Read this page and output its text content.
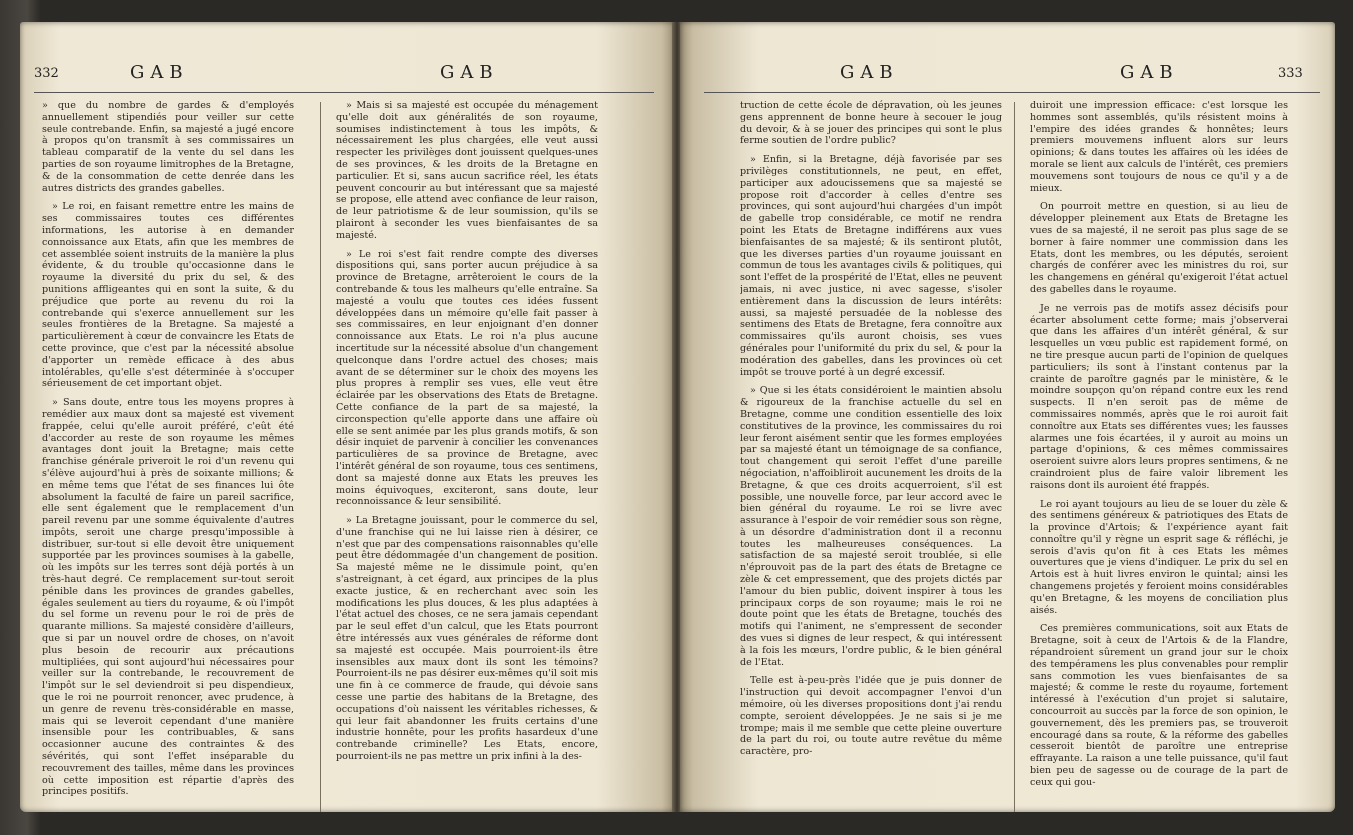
332	GAB	GAB

» que du nombre de gardes & d'employés annuellement stipendiés pour veiller sur cette seule contrebande. Enfin, sa majesté a jugé encore à propos qu'on transmît à ses commissaires un tableau comparatif de la vente du sel dans les parties de son royaume limitrophes de la Bretagne, & de la consommation de cette denrée dans les autres districts des grandes gabelles.

» Le roi, en faisant remettre entre les mains de ses commissaires toutes ces différentes informations, les autorise à en demander connoissance aux Etats, afin que les membres de cet assemblée soient instruits de la manière la plus évidente, & du trouble qu'occasionne dans le royaume la diversité du prix du sel, & des punitions affligeantes qui en sont la suite, & du préjudice que porte au revenu du roi la contrebande qui s'exerce annuellement sur les seules frontières de la Bretagne. Sa majesté a particulièrement à cœur de convaincre les Etats de cette province, que c'est par la nécessité absolue d'apporter un remède efficace à des abus intolérables, qu'elle s'est déterminée à s'occuper sérieusement de cet important objet.

» Sans doute, entre tous les moyens propres à remédier aux maux dont sa majesté est vivement frappée, celui qu'elle auroit préféré, c'eût été d'accorder au reste de son royaume les mêmes avantages dont jouit la Bretagne; mais cette franchise générale priveroit le roi d'un revenu qui s'élève aujourd'hui à près de soixante millions; & en même tems que l'état de ses finances lui ôte absolument la faculté de faire un pareil sacrifice, elle sent également que le remplacement d'un pareil revenu par une somme équivalente d'autres impôts, seroit une charge presqu'impossible à distribuer, sur-tout si elle devoit être uniquement supportée par les provinces soumises à la gabelle, où les impôts sur les terres sont déjà portés à un très-haut degré. Ce remplacement sur-tout seroit pénible dans les provinces de grandes gabelles, égales seulement au tiers du royaume, & où l'impôt du sel forme un revenu pour le roi de près de quarante millions. Sa majesté considère d'ailleurs, que si par un nouvel ordre de choses, on n'avoit plus besoin de recourir aux précautions multipliées, qui sont aujourd'hui nécessaires pour veiller sur la contrebande, le recouvrement de l'impôt sur le sel deviendroit si peu dispendieux, que le roi ne pourroit renoncer, avec prudence, à un genre de revenu très-considérable en masse, mais qui se leveroit cependant d'une manière insensible pour les contribuables, & sans occasionner aucune des contraintes & des sévérités, qui sont l'effet inséparable du recouvrement des tailles, même dans les provinces où cette imposition est répartie d'après des principes positifs.

» Mais si sa majesté est occupée du ménagement qu'elle doit aux généralités de son royaume, soumises indistinctement à tous les impôts, & nécessairement les plus chargées, elle veut aussi respecter les privilèges dont jouissent quelques-unes de ses provinces, & les droits de la Bretagne en particulier. Et si, sans aucun sacrifice réel, les états peuvent concourir au but intéressant que sa majesté se propose, elle attend avec confiance de leur raison, de leur patriotisme & de leur soumission, qu'ils se plairont à seconder les vues bienfaisantes de sa majesté.

» Le roi s'est fait rendre compte des diverses dispositions qui, sans porter aucun préjudice à sa province de Bretagne, arrêteroient le cours de la contrebande & tous les malheurs qu'elle entraîne. Sa majesté a voulu que toutes ces idées fussent développées dans un mémoire qu'elle fait passer à ses commissaires, en leur enjoignant d'en donner connoissance aux Etats. Le roi n'a plus aucune incertitude sur la nécessité absolue d'un changement quelconque dans l'ordre actuel des choses; mais avant de se déterminer sur le choix des moyens les plus propres à remplir ses vues, elle veut être éclairée par les observations des Etats de Bretagne. Cette confiance de la part de sa majesté, la circonspection qu'elle apporte dans une affaire où elle se sent animée par les plus grands motifs, & son désir inquiet de parvenir à concilier les convenances particulières de sa province de Bretagne, avec l'intérêt général de son royaume, tous ces sentimens, dont sa majesté donne aux Etats les preuves les moins équivoques, exciteront, sans doute, leur reconnoissance & leur sensibilité.

» La Bretagne jouissant, pour le commerce du sel, d'une franchise qui ne lui laisse rien à désirer, ce n'est que par des compensations raisonnables qu'elle peut être dédommagée d'un changement de position. Sa majesté même ne le dissimule point, qu'en s'astreignant, à cet égard, aux principes de la plus exacte justice, & en recherchant avec soin les modifications les plus douces, & les plus adaptées à l'état actuel des choses, ce ne sera jamais cependant par le seul effet d'un calcul, que les Etats pourront être intéressés aux vues générales de réforme dont sa majesté est occupée. Mais pourroient-ils être insensibles aux maux dont ils sont les témoins? Pourroient-ils ne pas désirer eux-mêmes qu'il soit mis une fin à ce commerce de fraude, qui dévoie sans cesse une partie des habitans de la Bretagne, des occupations d'où naissent les véritables richesses, & qui leur fait abandonner les fruits certains d'une industrie honnête, pour les profits hasardeux d'une contrebande criminelle? Les Etats, encore, pourroient-ils ne pas mettre un prix infini à la des-

GAB	GAB	333

truction de cette école de dépravation, où les jeunes gens apprennent de bonne heure à secouer le joug du devoir, & à se jouer des principes qui sont le plus ferme soutien de l'ordre public?

» Enfin, si la Bretagne, déjà favorisée par ses privilèges constitutionnels, ne peut, en effet, participer aux adoucissemens que sa majesté se propose roit d'accorder à celles d'entre ses provinces, qui sont aujourd'hui chargées d'un impôt de gabelle trop considérable, ce motif ne rendra point les Etats de Bretagne indifférens aux vues bienfaisantes de sa majesté; & ils sentiront plutôt, que les diverses parties d'un royaume jouissant en commun de tous les avantages civils & politiques, qui sont l'effet de la prospérité de l'Etat, elles ne peuvent jamais, ni avec justice, ni avec sagesse, s'isoler entièrement dans la discussion de leurs intérêts: aussi, sa majesté persuadée de la noblesse des sentimens des Etats de Bretagne, fera connoître aux commissaires qu'ils auront choisis, ses vues générales pour l'uniformité du prix du sel, & pour la modération des gabelles, dans les provinces où cet impôt se trouve porté à un degré excessif.

» Que si les états considéroient le maintien absolu & rigoureux de la franchise actuelle du sel en Bretagne, comme une condition essentielle des loix constitutives de la province, les commissaires du roi leur feront aisément sentir que les formes employées par sa majesté étant un témoignage de sa confiance, tout changement qui seroit l'effet d'une pareille négociation, n'affoibliroit aucunement les droits de la Bretagne, & que ces droits acquerroient, s'il est possible, une nouvelle force, par leur accord avec le bien général du royaume. Le roi se livre avec assurance à l'espoir de voir remédier sous son règne, à un désordre d'administration dont il a reconnu toutes les malheureuses conséquences. La satisfaction de sa majesté seroit troublée, si elle n'éprouvoit pas de la part des états de Bretagne ce zèle & cet empressement, que des projets dictés par l'amour du bien public, doivent inspirer à tous les principaux corps de son royaume; mais le roi ne doute point que les états de Bretagne, touchés des motifs qui l'animent, ne s'empressent de seconder des vues si dignes de leur respect, & qui intéressent à la fois les mœurs, l'ordre public, & le bien général de l'Etat.

Telle est à-peu-près l'idée que je puis donner de l'instruction qui devoit accompagner l'envoi d'un mémoire, où les diverses propositions dont j'ai rendu compte, seroient développées. Je ne sais si je me trompe; mais il me semble que cette pleine ouverture de la part du roi, ou toute autre revêtue du même caractère, pro-

duiroit une impression efficace: c'est lorsque les hommes sont assemblés, qu'ils résistent moins à l'empire des idées grandes & honnêtes; leurs premiers mouvemens influent alors sur leurs opinions; & dans toutes les affaires où les idées de morale se lient aux calculs de l'intérêt, ces premiers mouvemens sont toujours de nous ce qu'il y a de mieux.

On pourroit mettre en question, si au lieu de développer pleinement aux Etats de Bretagne les vues de sa majesté, il ne seroit pas plus sage de se borner à faire nommer une commission dans les Etats, dont les membres, ou les députés, seroient chargés de conférer avec les ministres du roi, sur les changemens en général qu'exigeroit l'état actuel des gabelles dans le royaume.

Je ne verrois pas de motifs assez décisifs pour écarter absolument cette forme; mais j'observerai que dans les affaires d'un intérêt général, & sur lesquelles un vœu public est rapidement formé, on ne tire presque aucun parti de l'opinion de quelques particuliers; ils sont à l'instant contenus par la crainte de paroître gagnés par le ministère, & le moindre soupçon qu'on répand contre eux les rend suspects. Il n'en seroit pas de même de commissaires nommés, après que le roi auroit fait connoître aux Etats ses différentes vues; les fausses alarmes une fois écartées, il y auroit au moins un partage d'opinions, & ces mêmes commissaires oseroient suivre alors leurs propres sentimens, & ne craindroient plus de faire valoir librement les raisons dont ils auroient été frappés.

Le roi ayant toujours au lieu de se louer du zèle & des sentimens généreux & patriotiques des Etats de la province d'Artois; & l'expérience ayant fait connoître qu'il y règne un esprit sage & réfléchi, je serois d'avis qu'on fit à ces Etats les mêmes ouvertures que je viens d'indiquer. Le prix du sel en Artois est à huit livres environ le quintal; ainsi les changemens projetés y feroient moins considérables qu'en Bretagne, & les moyens de conciliation plus aisés.

Ces premières communications, soit aux Etats de Bretagne, soit à ceux de l'Artois & de la Flandre, répandroient sûrement un grand jour sur le choix des tempéramens les plus convenables pour remplir sans commotion les vues bienfaisantes de sa majesté; & comme le reste du royaume, fortement intéressé à l'exécution d'un projet si salutaire, concourroit au succès par la force de son opinion, le gouvernement, dès les premiers pas, se trouveroit encouragé dans sa route, & la réforme des gabelles cesseroit bientôt de paroître une entreprise effrayante. La raison a une telle puissance, qu'il faut bien peu de sagesse ou de courage de la part de ceux qui gou-
